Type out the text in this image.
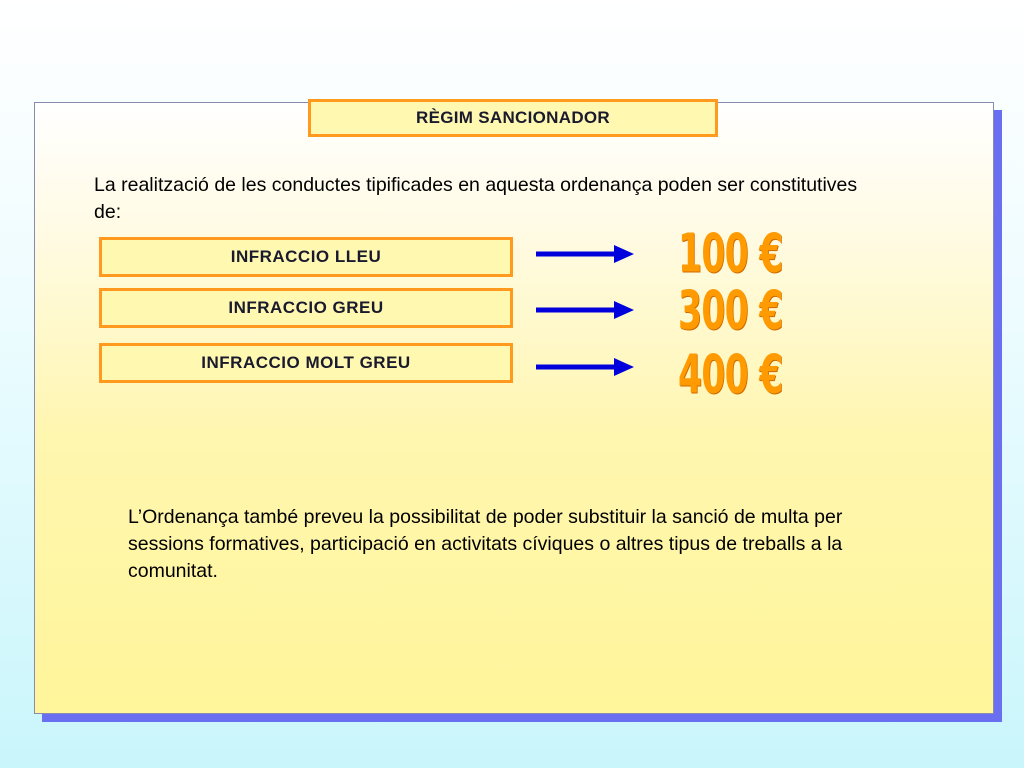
RÈGIM SANCIONADOR
La realització de les conductes tipificades en aquesta ordenança poden ser constitutives de:
INFRACCIO LLEU	100 €
INFRACCIO GREU	300 €
INFRACCIO MOLT GREU	400 €
L’Ordenança també preveu la possibilitat de poder substituir la sanció de multa per sessions formatives, participació en activitats cíviques o altres tipus de treballs a la comunitat.
